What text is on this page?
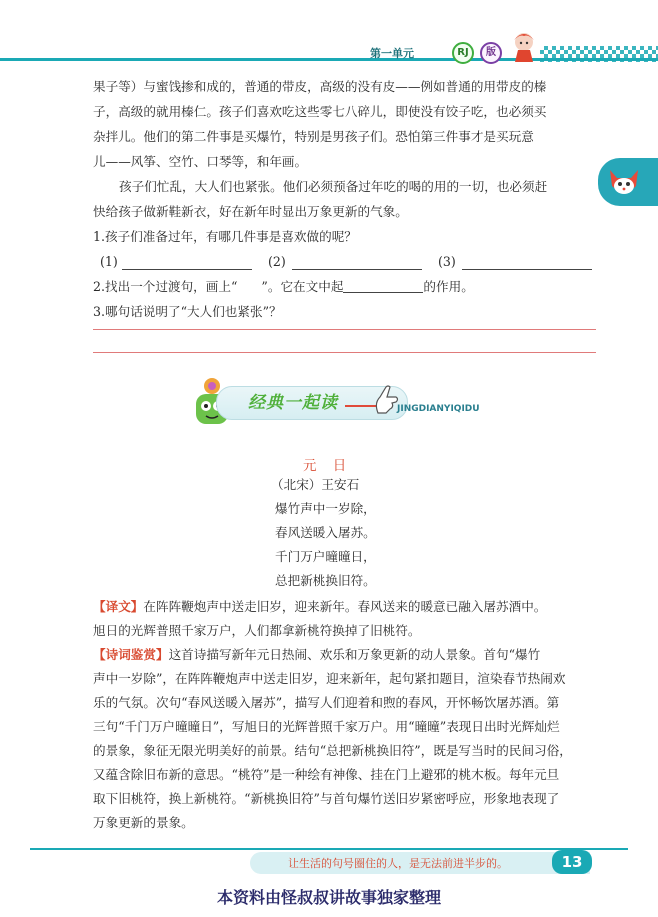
第一单元	RJ	版
果子等）与蜜饯掺和成的，普通的带皮，高级的没有皮——例如普通的用带皮的榛
子，高级的就用榛仁。孩子们喜欢吃这些零七八碎儿，即使没有饺子吃，也必须买
杂拌儿。他们的第二件事是买爆竹，特别是男孩子们。恐怕第三件事才是买玩意
儿——风筝、空竹、口琴等，和年画。
孩子们忙乱，大人们也紧张。他们必须预备过年吃的喝的用的一切，也必须赶
快给孩子做新鞋新衣，好在新年时显出万象更新的气象。
1.孩子们准备过年，有哪几件事是喜欢做的呢？
(1)	(2)	(3)
2.找出一个过渡句，画上“ ”。它在文中起	的作用。
3.哪句话说明了“大人们也紧张”？
经典一起读	JINGDIANYIQIDU
元 日
（北宋）王安石
爆竹声中一岁除，
春风送暖入屠苏。
千门万户曈曈日，
总把新桃换旧符。
【译文】在阵阵鞭炮声中送走旧岁，迎来新年。春风送来的暖意已融入屠苏酒中。
旭日的光辉普照千家万户，人们都拿新桃符换掉了旧桃符。
【诗词鉴赏】这首诗描写新年元日热闹、欢乐和万象更新的动人景象。首句“爆竹
声中一岁除”，在阵阵鞭炮声中送走旧岁，迎来新年，起句紧扣题目，渲染春节热闹欢
乐的气氛。次句“春风送暖入屠苏”，描写人们迎着和煦的春风，开怀畅饮屠苏酒。第
三句“千门万户曈曈日”，写旭日的光辉普照千家万户。用“曈曈”表现日出时光辉灿烂
的景象，象征无限光明美好的前景。结句“总把新桃换旧符”，既是写当时的民间习俗，
又蕴含除旧布新的意思。“桃符”是一种绘有神像、挂在门上避邪的桃木板。每年元旦
取下旧桃符，换上新桃符。“新桃换旧符”与首句爆竹送旧岁紧密呼应，形象地表现了
万象更新的景象。
让生活的句号圈住的人，是无法前进半步的。	13
本资料由怪叔叔讲故事独家整理
